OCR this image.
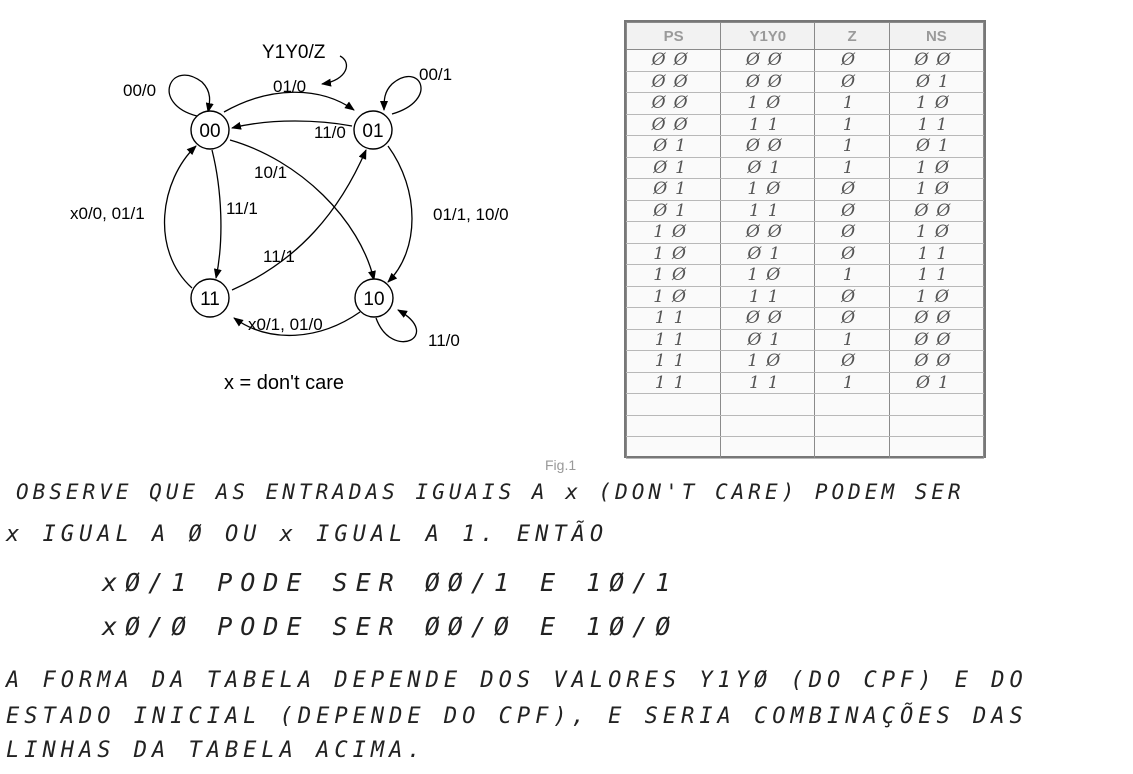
Y1Y0/Z
00	01
11	10
00/0	01/0
00/1
11/0
10/1
11/1
x0/0, 01/1
11/1
01/1, 10/0
x0/1, 01/0
11/0
x = don't care
PS	Y1Y0	Z	NS
ØØ	ØØ	Ø	ØØ
ØØ	ØØ	Ø	Ø1
ØØ	1Ø	1	1Ø
ØØ	11	1	11
Ø1	ØØ	1	Ø1
Ø1	Ø1	1	1Ø
Ø1	1Ø	Ø	1Ø
Ø1	11	Ø	ØØ
1Ø	ØØ	Ø	1Ø
1Ø	Ø1	Ø	11
1Ø	1Ø	1	11
1Ø	11	Ø	1Ø
11	ØØ	Ø	ØØ
11	Ø1	1	ØØ
11	1Ø	Ø	ØØ
11	11	1	Ø1

Fig.1
OBSERVE QUE AS ENTRADAS IGUAIS A x (DON'T CARE) PODEM SER
x IGUAL A Ø OU x IGUAL A 1. ENTÃO
xØ/1 PODE SER ØØ/1 E 1Ø/1
xØ/Ø PODE SER ØØ/Ø E 1Ø/Ø
A FORMA DA TABELA DEPENDE DOS VALORES Y1YØ (DO CPF) E DO
ESTADO INICIAL (DEPENDE DO CPF), E SERIA COMBINAÇÕES DAS
LINHAS DA TABELA ACIMA.
